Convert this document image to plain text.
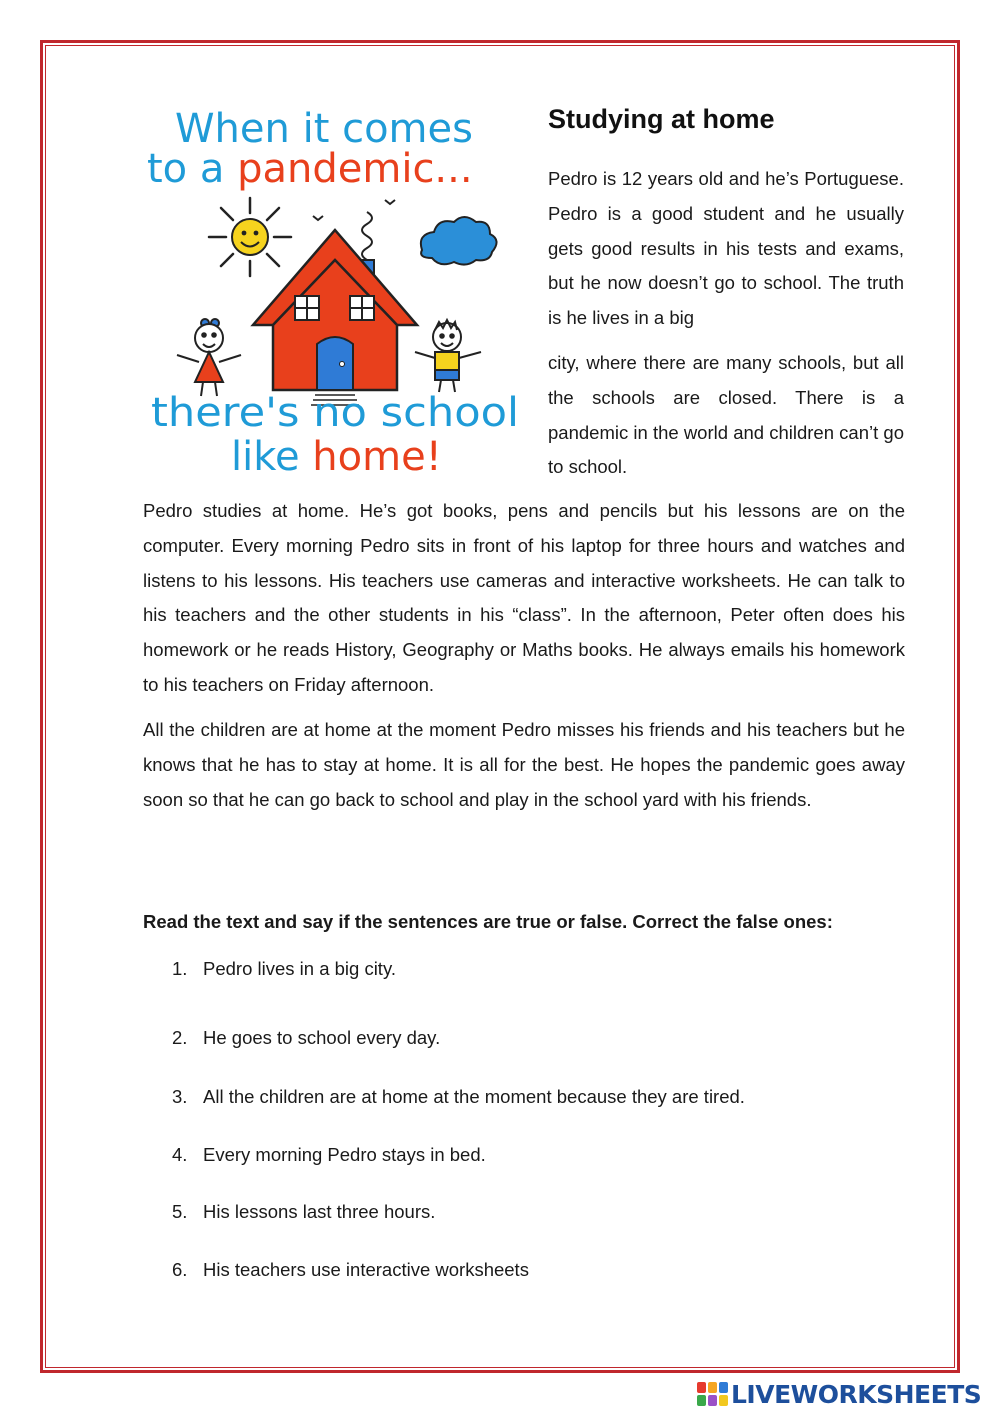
When it comes
to a pandemic...
there's no school
like home!
Studying at home
Pedro is 12 years old and he’s Portuguese. Pedro is a good student and he usually gets good results in his tests and exams, but he now doesn’t go to school. The truth is he lives in a big
city, where there are many schools, but all the schools are closed. There is a pandemic in the world and children can’t go to school.
Pedro studies at home. He’s got books, pens and pencils but his lessons are on the computer. Every morning Pedro sits in front of his laptop for three hours and watches and listens to his lessons. His teachers use cameras and interactive worksheets. He can talk to his teachers and the other students in his “class”. In the afternoon, Peter often does his homework or he reads History, Geography or Maths books. He always emails his homework to his teachers on Friday afternoon.
All the children are at home at the moment Pedro misses his friends and his teachers but he knows that he has to stay at home. It is all for the best. He hopes the pandemic goes away soon so that he can go back to school and play in the school yard with his friends.
Read the text and say if the sentences are true or false. Correct the false ones:
1. Pedro lives in a big city.
2. He goes to school every day.
3. All the children are at home at the moment because they are tired.
4. Every morning Pedro stays in bed.
5. His lessons last three hours.
6. His teachers use interactive worksheets
LIVEWORKSHEETS
